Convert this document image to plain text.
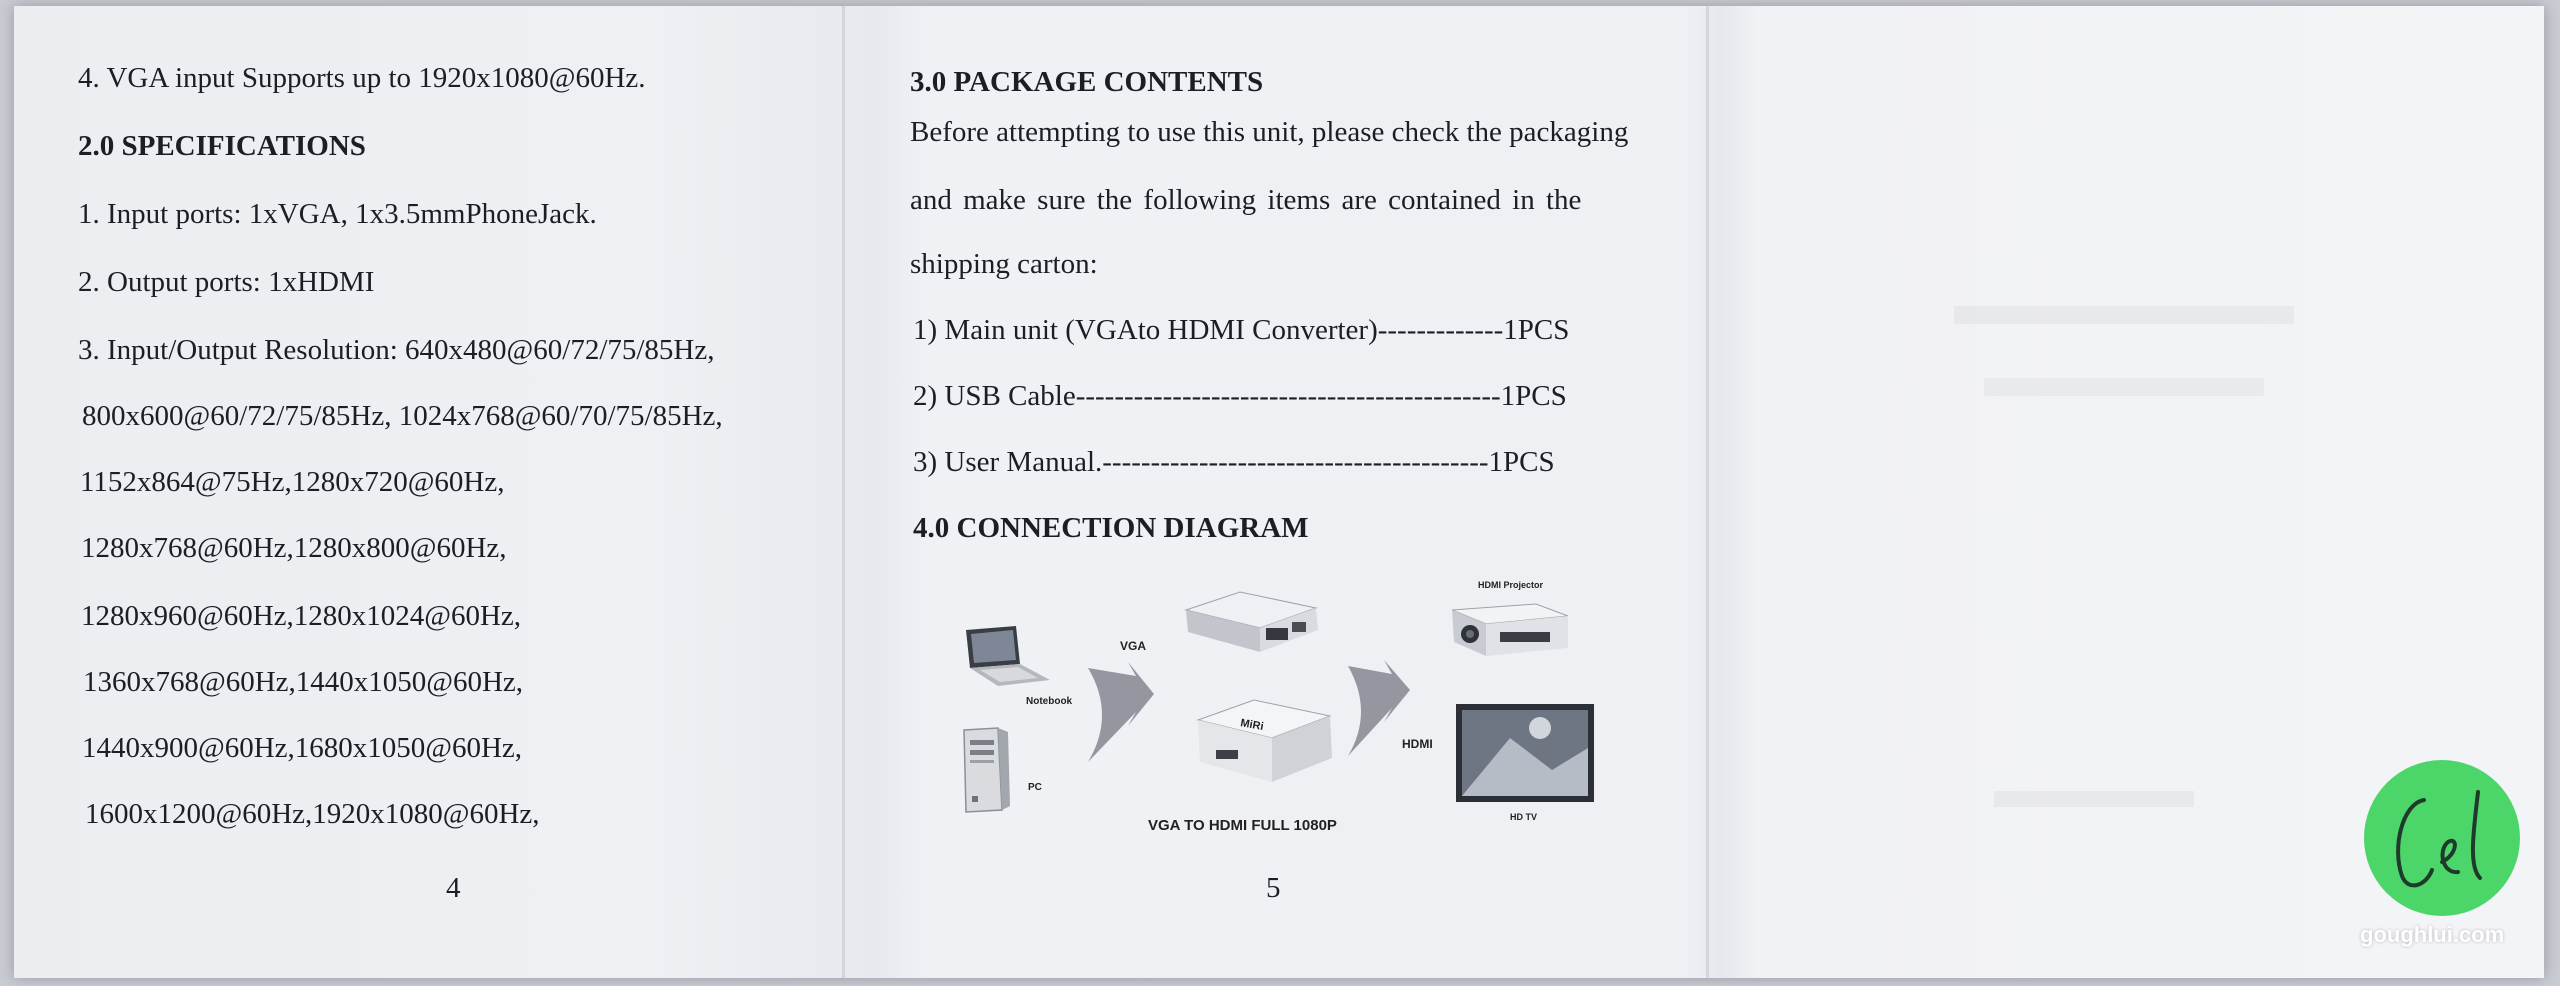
4. VGA input Supports up to 1920x1080@60Hz.
2.0 SPECIFICATIONS
1. Input ports: 1xVGA, 1x3.5mmPhoneJack.
2. Output ports: 1xHDMI
3. Input/Output Resolution: 640x480@60/72/75/85Hz,
800x600@60/72/75/85Hz, 1024x768@60/70/75/85Hz,
1152x864@75Hz,1280x720@60Hz,
1280x768@60Hz,1280x800@60Hz,
1280x960@60Hz,1280x1024@60Hz,
1360x768@60Hz,1440x1050@60Hz,
1440x900@60Hz,1680x1050@60Hz,
1600x1200@60Hz,1920x1080@60Hz,
4
3.0 PACKAGE CONTENTS
Before attempting to use this unit, please check the packaging
and make sure the following items are contained in the
shipping carton:
1) Main unit (VGAto HDMI Converter)-------------1PCS
2) USB Cable--------------------------------------------1PCS
3) User Manual.----------------------------------------1PCS
4.0 CONNECTION DIAGRAM
5
Notebook
PC
VGA
MiRi
HDMI
HDMI Projector
HD TV
VGA TO HDMI FULL 1080P
goughlui.com
